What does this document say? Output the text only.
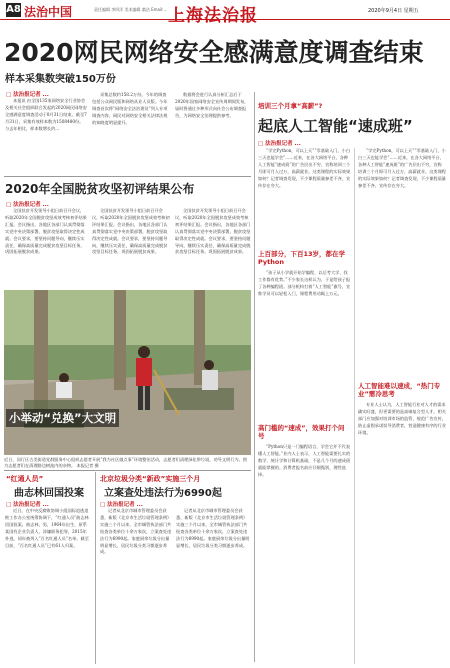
A8 法治中国	责任编辑 李四洋 美术编辑 翁洁 Email:... 上海法治报	2020年9月4日 星期五
2020网民网络安全感满意度调查结束
样本采集数突破150万份
□ 法治报记者 ...

本报讯 由全国135家网络安全行业协会及相关社会组织联合发起的2020网民网络安全感满意度调查活动于8月31日结束。截至7月31日，采集有效样本数为1508480份。与去年相比，样本数增长约...

采集总数约158.2万份。今年的调查包括公众网民版和网络从业人员版。今年调查首次将“网络安全法治建设”列入专项调查内容，网民对网络安全相关法律法规的知晓度明显提升。

数据将会进行认真分析汇总后于2020年国家网络安全宣传周期间发布，届时将通过多种形式向社会公布调查报告，为网络安全治理提供参考。

2020年全国脱贫攻坚初评结果公布
□ 法治报记者 ...

全国扶贫开发领导小组日前召开会议，听取2020年全国脱贫攻坚成效考核初评结果汇报。会议指出，各地区各部门认真贯彻落实党中央决策部署，脱贫攻坚取得决定性成就。会议要求，要坚持问题导向，继续压实责任，确保高质量完成脱贫攻坚目标任务，巩固拓展脱贫成果。

全国扶贫开发领导小组日前召开会议，听取2020年全国脱贫攻坚成效考核初评结果汇报。会议指出，各地区各部门认真贯彻落实党中央决策部署，脱贫攻坚取得决定性成就。会议要求，要坚持问题导向，继续压实责任，确保高质量完成脱贫攻坚目标任务，巩固拓展脱贫成果。

全国扶贫开发领导小组日前召开会议，听取2020年全国脱贫攻坚成效考核初评结果汇报。会议指出，各地区各部门认真贯彻落实党中央决策部署，脱贫攻坚取得决定性成就。会议要求，要坚持问题导向，继续压实责任，确保高质量完成脱贫攻坚目标任务，巩固拓展脱贫成果。

小举动“兑换”大文明
近日，闵行区古美街道党群服务中心组织志愿者开展“我为社区做点事”环境整治活动，志愿者们清理绿化带垃圾，劝导文明行为。图为志愿者们在清理路边树池内的杂物。 本报记者 摄
“红通人员”
曲志林回国投案
□ 法治报记者 ...

近日，在中央反腐败协调小组国际追逃追赃工作办公室统筹协调下，“红通人员”曲志林回国投案。曲志林，男，1964年出生，原系某国有企业负责人，涉嫌职务犯罪，2015年外逃，同年被列入“百名红通人员”名单。截至目前，“百名红通人员”已有61人归案。

北京垃圾分类“新政”实施三个月
立案查处违法行为6990起
□ 法治报记者 ...

记者从北京市城市管理委员会获悉，新版《北京市生活垃圾管理条例》实施三个月以来，全市城管执法部门共检查各类单位十余万家次，立案查处违法行为6990起。家庭厨余垃圾分出量明显增长，居民垃圾分类习惯逐步养成。

记者从北京市城市管理委员会获悉，新版《北京市生活垃圾管理条例》实施三个月以来，全市城管执法部门共检查各类单位十余万家次，立案查处违法行为6990起。家庭厨余垃圾分出量明显增长，居民垃圾分类习惯逐步养成。

培训三个月拿“高薪”?
起底人工智能“速成班”
□ 法治报记者 ...

“学完Python，可以上天”“零基础入门，小白三天也能学会”……近来，在各大网络平台，各种人工智能“速成班”的广告层出不穷，宣称培训三个月即可月入过万，高薪就业。这类课程的实际效果如何？记者调查发现，不少课程质量参差不齐，宣传存在夸大。

上百部分，下百13岁，都在学Python

“孩子从小学就开始学编程，以后考大学、找工作都有优势。”不少家长这样认为，于是给孩子报了各种编程班。部分机构打着“人工智能”旗号，宣称学员可以轻松入门，课程费用动辄上万元。

高门槛的“速成”，效果打个问号

“Python只是一门编程语言，学会它并不代表懂人工智能。”业内人士表示，人工智能需要扎实的数学、统计学和计算机基础，不是几个月的速成班就能掌握的。消费者报名前应仔细甄别，理性选择。

“学完Python，可以上天”“零基础入门，小白三天也能学会”……近来，在各大网络平台，各种人工智能“速成班”的广告层出不穷，宣称培训三个月即可月入过万，高薪就业。这类课程的实际效果如何？记者调查发现，不少课程质量参差不齐，宣传存在夸大。

人工智能难以速成，“热门专业”需冷思考

专业人士认为，人工智能行业对人才的需求确实旺盛，但更需要的是高端复合型人才。相关部门应加强对培训市场的监管，规范广告宣传，防止虚假承诺误导消费者，营造健康有序的行业环境。
